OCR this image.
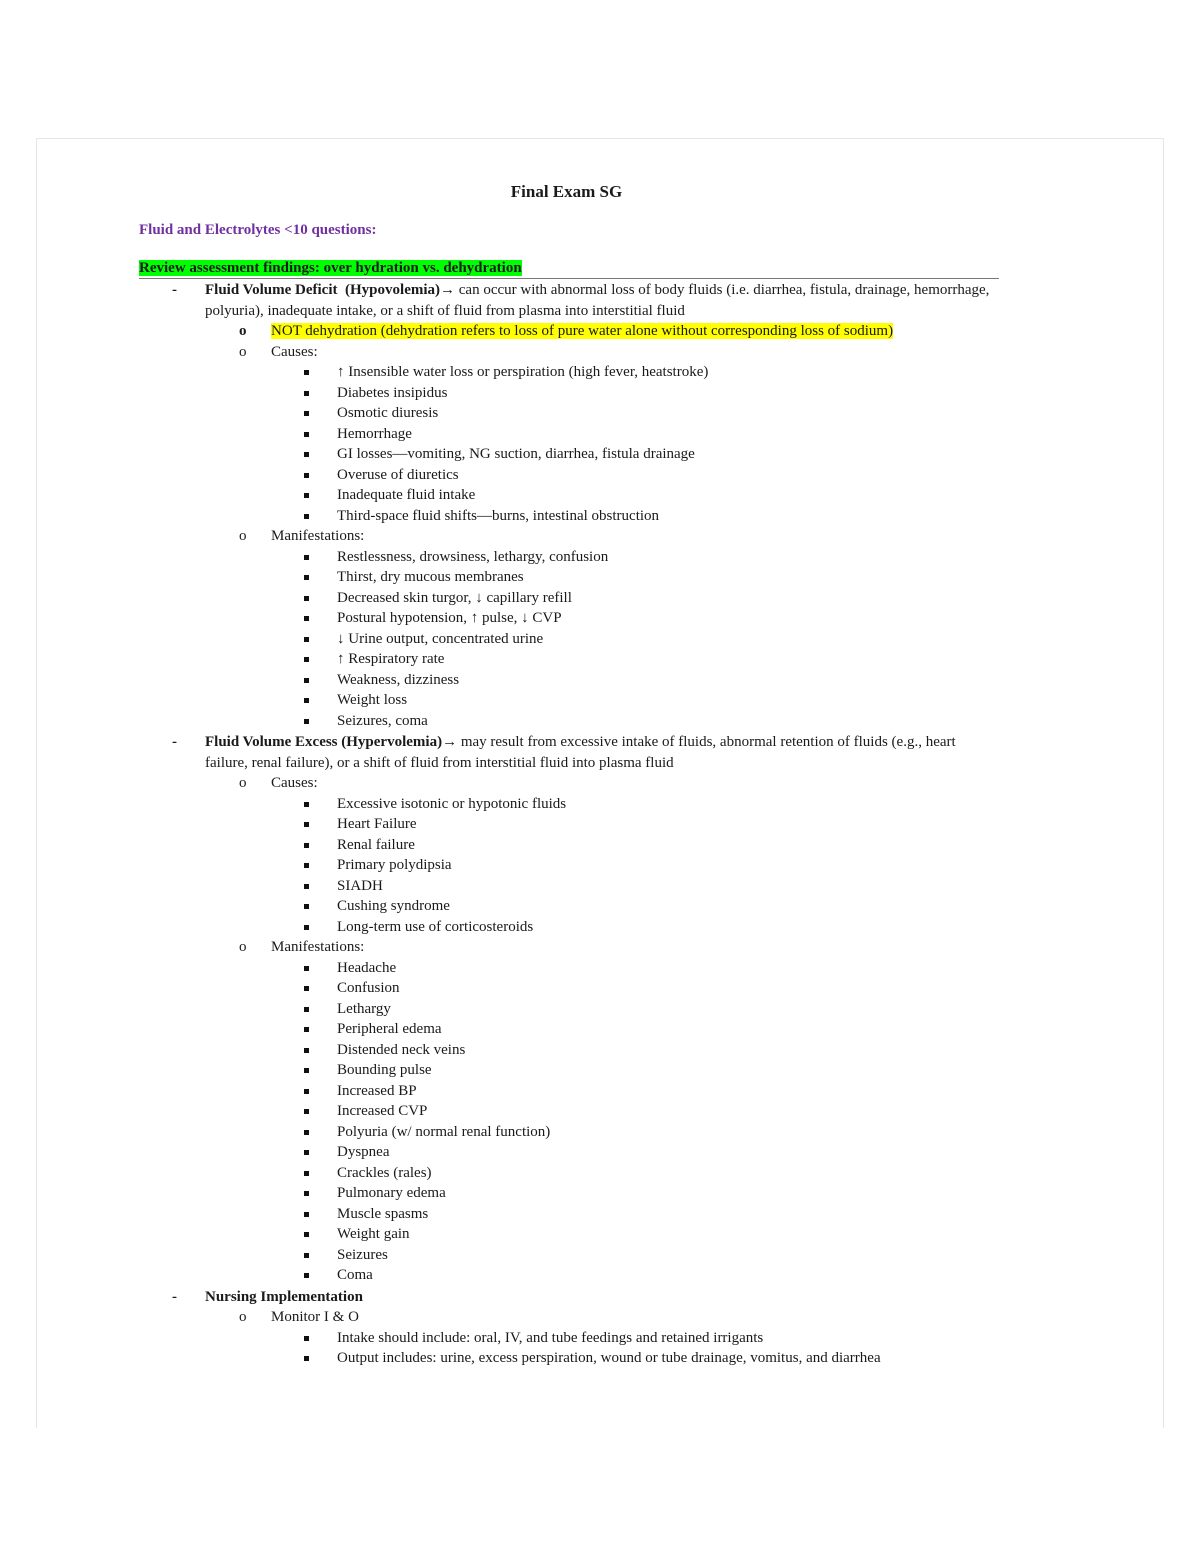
Final Exam SG
Fluid and Electrolytes <10 questions:
Review assessment findings: over hydration vs. dehydration
- Fluid Volume Deficit (Hypovolemia)→ can occur with abnormal loss of body fluids (i.e. diarrhea, fistula, drainage, hemorrhage, polyuria), inadequate intake, or a shift of fluid from plasma into interstitial fluid
o NOT dehydration (dehydration refers to loss of pure water alone without corresponding loss of sodium)
o Causes:
↑ Insensible water loss or perspiration (high fever, heatstroke)
Diabetes insipidus
Osmotic diuresis
Hemorrhage
GI losses—vomiting, NG suction, diarrhea, fistula drainage
Overuse of diuretics
Inadequate fluid intake
Third-space fluid shifts—burns, intestinal obstruction
o Manifestations:
Restlessness, drowsiness, lethargy, confusion
Thirst, dry mucous membranes
Decreased skin turgor, ↓ capillary refill
Postural hypotension, ↑ pulse, ↓ CVP
↓ Urine output, concentrated urine
↑ Respiratory rate
Weakness, dizziness
Weight loss
Seizures, coma
- Fluid Volume Excess (Hypervolemia)→ may result from excessive intake of fluids, abnormal retention of fluids (e.g., heart failure, renal failure), or a shift of fluid from interstitial fluid into plasma fluid
o Causes:
Excessive isotonic or hypotonic fluids
Heart Failure
Renal failure
Primary polydipsia
SIADH
Cushing syndrome
Long-term use of corticosteroids
o Manifestations:
Headache
Confusion
Lethargy
Peripheral edema
Distended neck veins
Bounding pulse
Increased BP
Increased CVP
Polyuria (w/ normal renal function)
Dyspnea
Crackles (rales)
Pulmonary edema
Muscle spasms
Weight gain
Seizures
Coma
- Nursing Implementation
o Monitor I & O
Intake should include: oral, IV, and tube feedings and retained irrigants
Output includes: urine, excess perspiration, wound or tube drainage, vomitus, and diarrhea
